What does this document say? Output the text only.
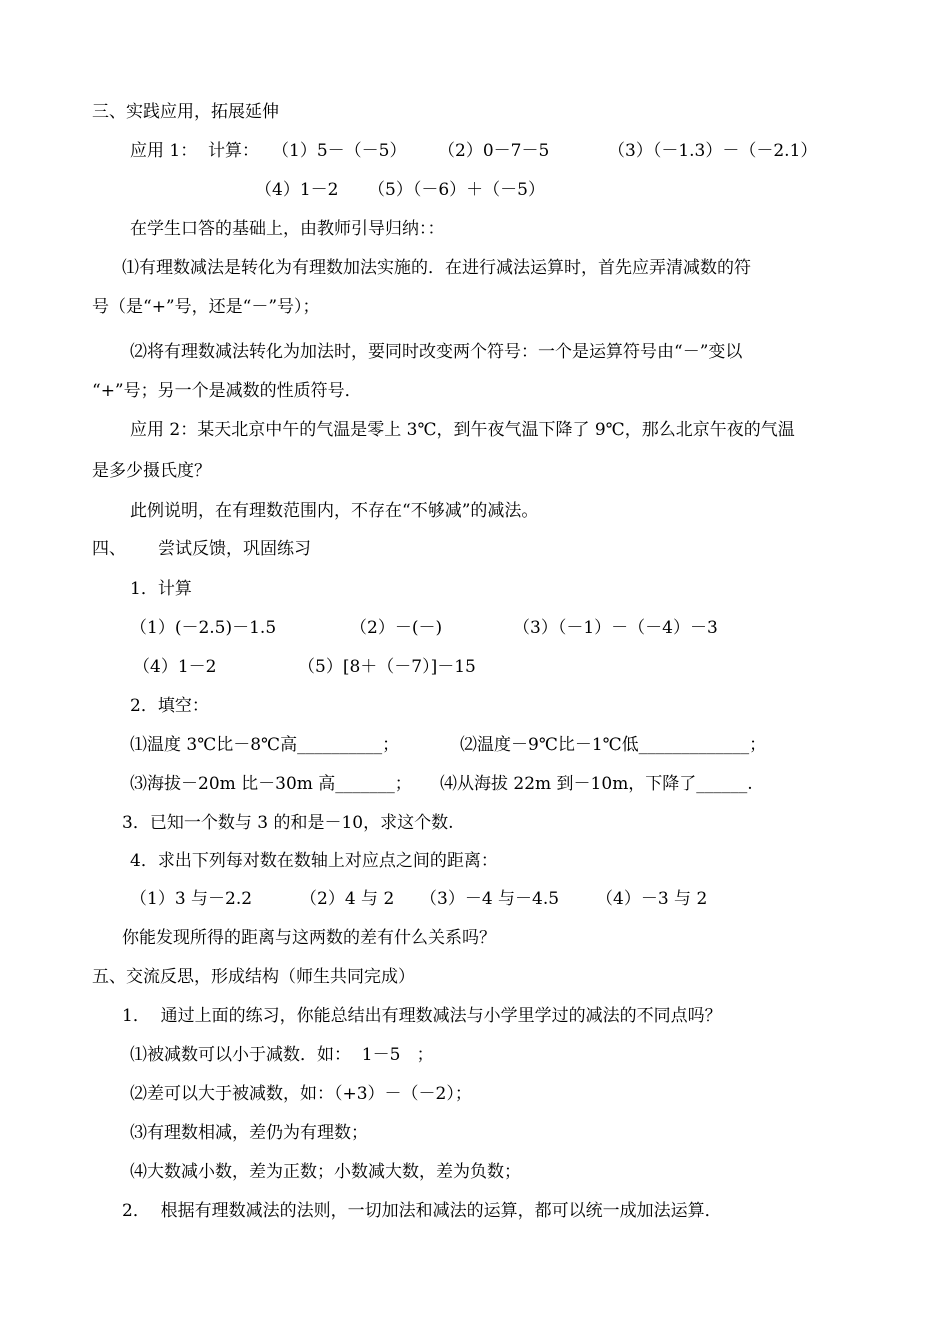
三、实践应用，拓展延伸
应用 1：  计算： （1）5－（－5） （2）0－7－5	（3）（－1.3）－（－2.1）
（4）1－2 （5）（－6）＋（－5）
在学生口答的基础上，由教师引导归纳：：
⑴有理数减法是转化为有理数加法实施的．在进行减法运算时，首先应弄清减数的符
号（是“+”号，还是“－”号）；
⑵将有理数减法转化为加法时，要同时改变两个符号：一个是运算符号由“－”变以
“+”号；另一个是减数的性质符号．
应用 2：某天北京中午的气温是零上 3℃，到午夜气温下降了 9℃，那么北京午夜的气温
是多少摄氏度？
此例说明，在有理数范围内，不存在“不够减”的减法。
四、 尝试反馈，巩固练习
1．计算
（1）(－2.5)－1.5	（2）－(－)	（3）（－1）－（－4）－3
（4）1－2	（5）[8＋（－7）]－15
2．填空：
⑴温度 3℃比－8℃高__________；	⑵温度－9℃比－1℃低_____________；
⑶海拔－20m 比－30m 高_______； ⑷从海拔 22m 到－10m，下降了______.
3．已知一个数与 3 的和是－10，求这个数.
4．求出下列每对数在数轴上对应点之间的距离：
（1）3 与－2.2	（2）4 与 2 （3）－4 与－4.5 （4）－3 与 2
你能发现所得的距离与这两数的差有什么关系吗？
五、交流反思，形成结构（师生共同完成）
1．  通过上面的练习，你能总结出有理数减法与小学里学过的减法的不同点吗？
⑴被减数可以小于减数．如：  1－5   ；
⑵差可以大于被减数，如：（+3）－（－2）；
⑶有理数相减，差仍为有理数；
⑷大数减小数，差为正数；小数减大数，差为负数；
2．  根据有理数减法的法则，一切加法和减法的运算，都可以统一成加法运算．
